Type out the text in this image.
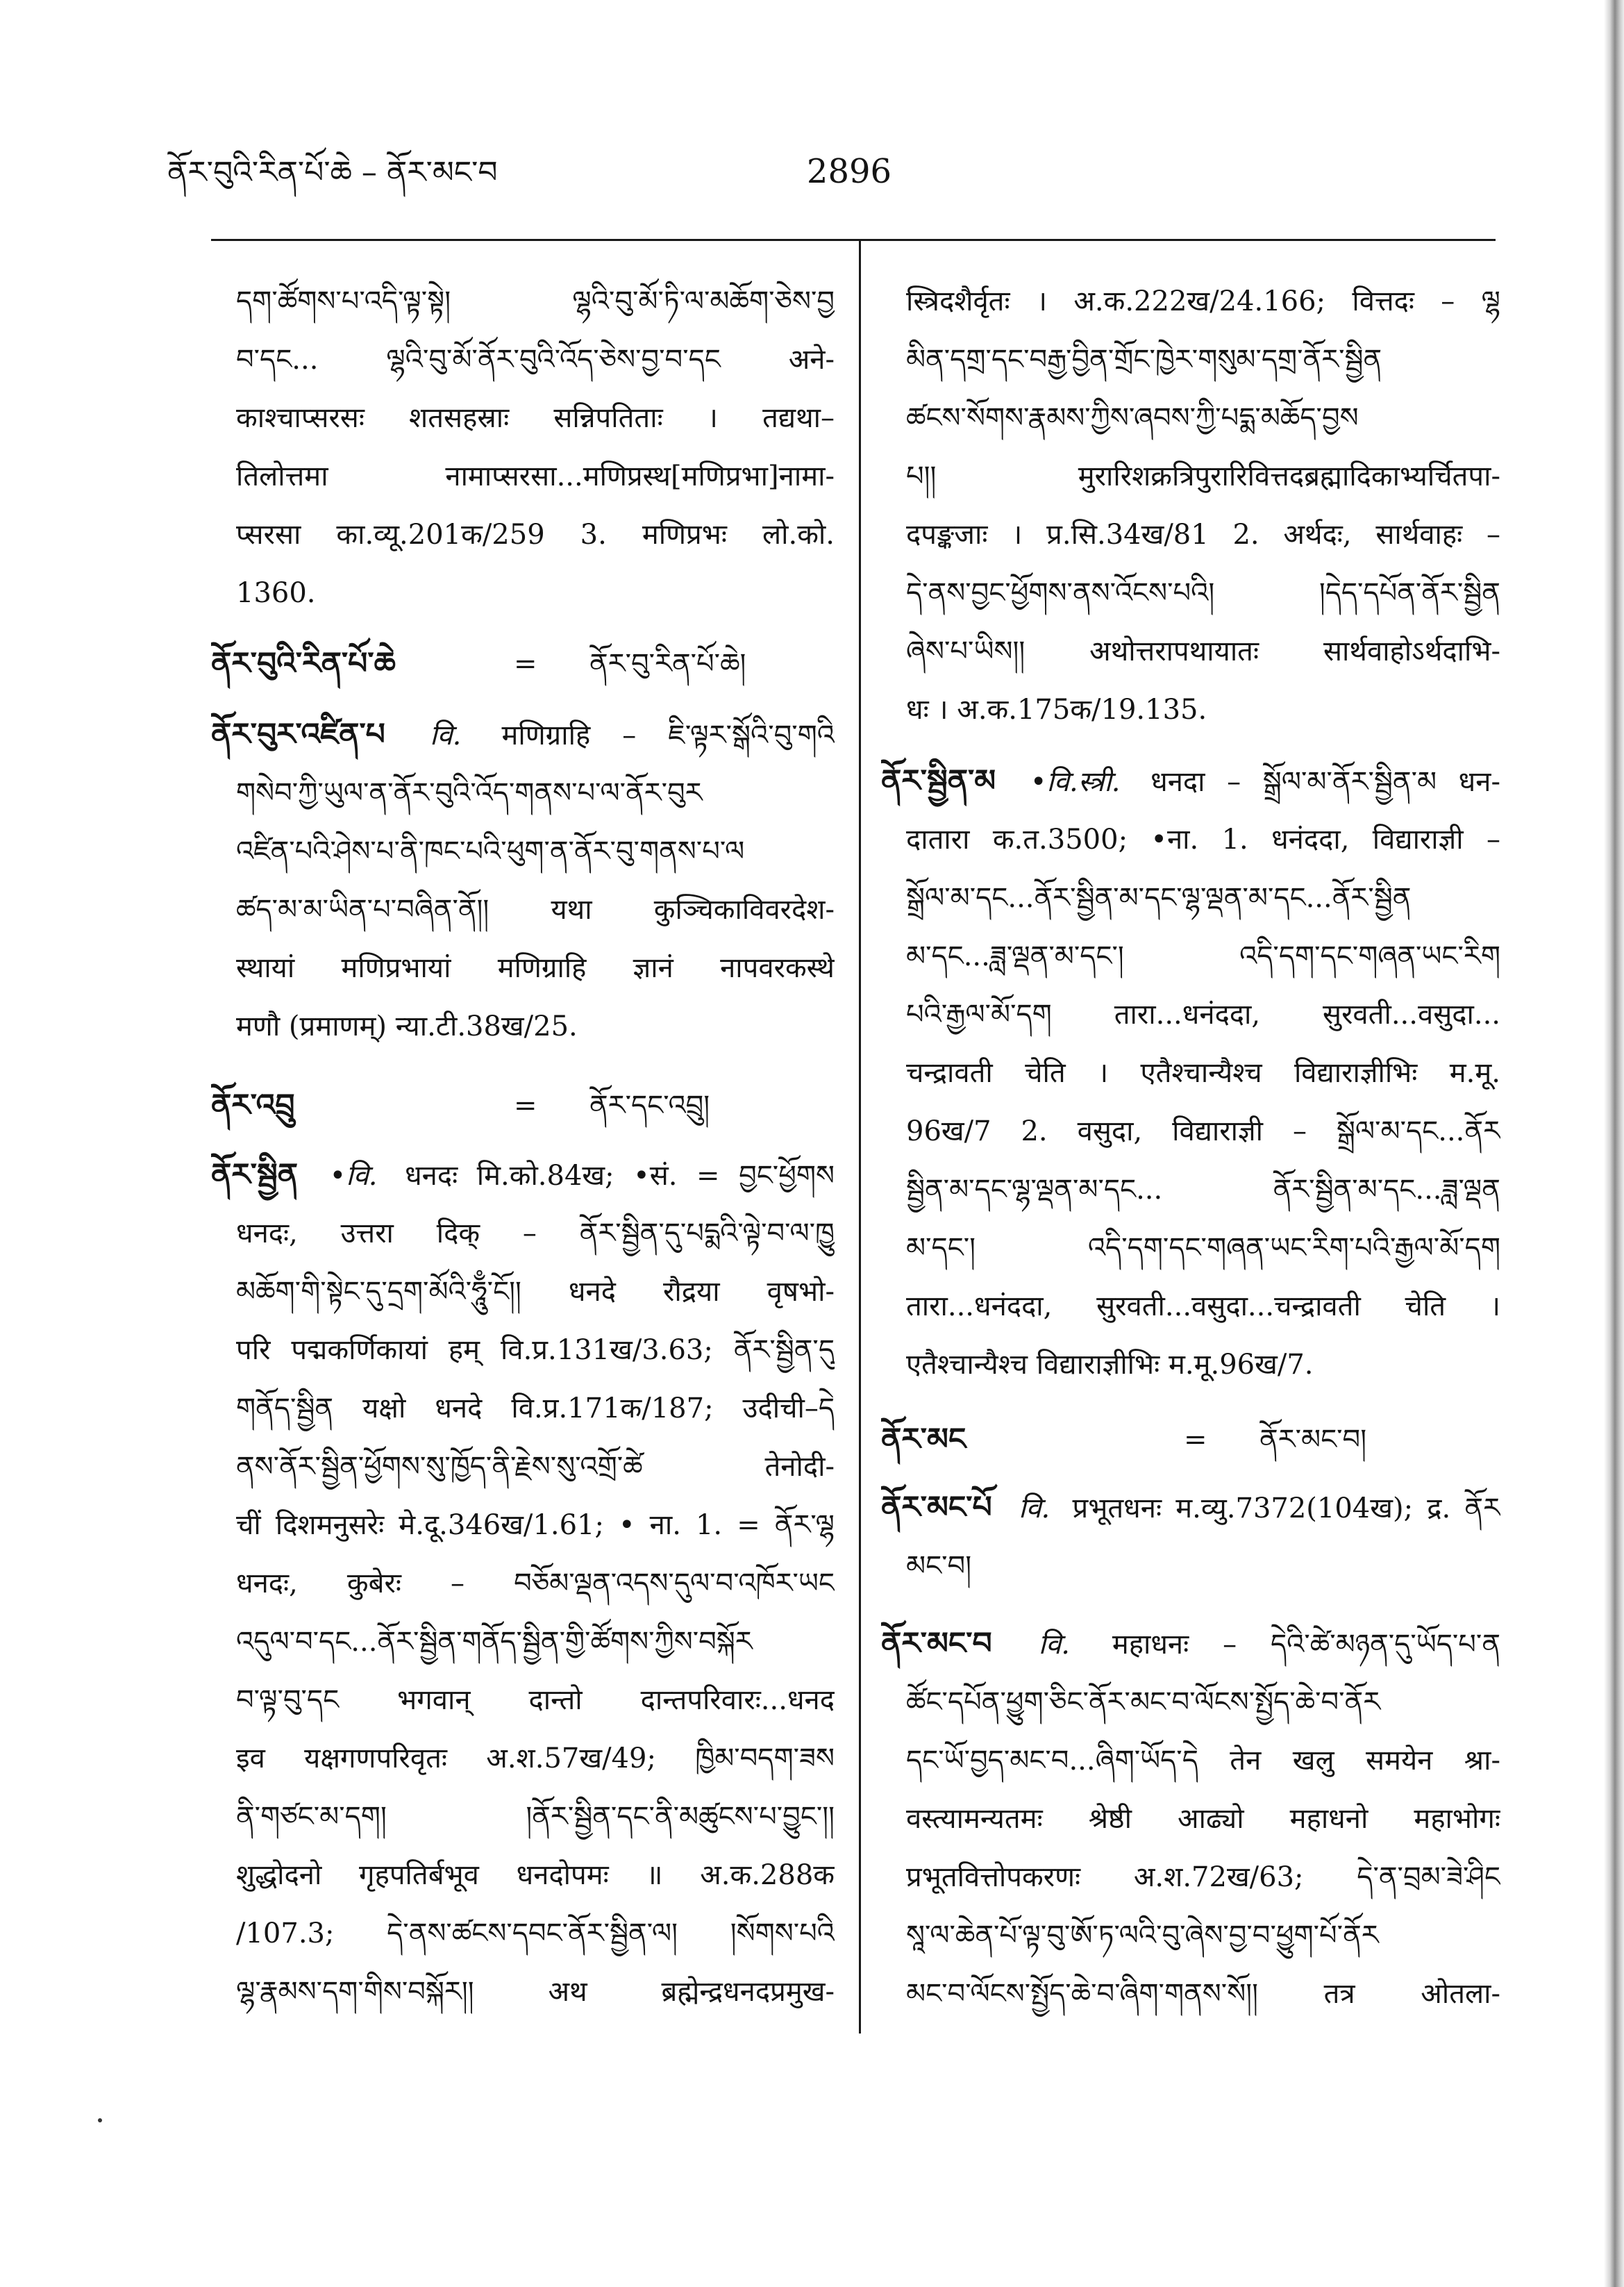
ནོར་བུའི་རིན་པོ་ཆེ – ནོར་མང་བ	2896
དག་ཚོགས་པ་འདི་ལྟ་སྟེ། ལྷའི་བུ་མོ་ཏི་ལ་མཆོག་ཅེས་བྱ
བ་དང... ལྷའི་བུ་མོ་ནོར་བུའི་འོད་ཅེས་བྱ་བ་དང अने-
काश्चाप्सरसः शतसहस्राः सन्निपतिताः । तद्यथा–
तिलोत्तमा नामाप्सरसा...मणिप्रस्थ[मणिप्रभा]नामा-
प्सरसा का.व्यू.201क/259 3. मणिप्रभः लो.को.
1360.
ནོར་བུའི་རིན་པོ་ཆེ	= ནོར་བུ་རིན་པོ་ཆེ།
ནོར་བུར་འཛིན་པ वि. मणिग्राहि – ཇི་ལྟར་སྒོའི་བུ་གའི
གསེབ་ཀྱི་ཡུལ་ན་ནོར་བུའི་འོད་གནས་པ་ལ་ནོར་བུར
འཛིན་པའི་ཤེས་པ་ནི་ཁང་པའི་ཕུག་ན་ནོར་བུ་གནས་པ་ལ
ཚད་མ་མ་ཡིན་པ་བཞིན་ནོ།། यथा कुञ्चिकाविवरदेश-
स्थायां मणिप्रभायां मणिग्राहि ज्ञानं नापवरकस्थे
मणौ (प्रमाणम्) न्या.टी.38ख/25.
ནོར་འབྲུ	= ནོར་དང་འབྲུ།
ནོར་སྦྱིན •वि. धनदः मि.को.84ख; •सं. = བྱང་ཕྱོགས
धनदः, उत्तरा दिक् – ནོར་སྦྱིན་དུ་པདྨའི་ལྟེ་བ་ལ་ཁྱུ
མཆོག་གི་སྟེང་དུ་དྲག་མོའི་ཧཱུྃ་ངོ།། धनदे रौद्रया वृषभो-
परि पद्मकर्णिकायां हम् वि.प्र.131ख/3.63; ནོར་སྦྱིན་དུ
གནོད་སྦྱིན यक्षो धनदे वि.प्र.171क/187; उदीची–དེ
ནས་ནོར་སྦྱིན་ཕྱོགས་སུ་ཁྱོད་ནི་རྗེས་སུ་འགྲོ་ཚེ तेनोदी-
चीं दिशमनुसरेः मे.दू.346ख/1.61; • ना. 1. = ནོར་ལྷ
धनदः, कुबेरः – བཅོམ་ལྡན་འདས་དུལ་བ་འཁོར་ཡང
འདུལ་བ་དང...ནོར་སྦྱིན་གནོད་སྦྱིན་གྱི་ཚོགས་ཀྱིས་བསྐོར
བ་ལྟ་བུ་དང भगवान् दान्तो दान्तपरिवारः...धनद
इव यक्षगणपरिवृतः अ.श.57ख/49; ཁྱིམ་བདག་ཟས
ནི་གཙང་མ་དག། །ནོར་སྦྱིན་དང་ནི་མཚུངས་པ་བྱུང་།།
शुद्धोदनो गृहपतिर्बभूव धनदोपमः ॥ अ.क.288क
/107.3; དེ་ནས་ཚངས་དབང་ནོར་སྦྱིན་ལ། །སོགས་པའི
ལྷ་རྣམས་དག་གིས་བསྐོར།། अथ ब्रह्मेन्द्रधनदप्रमुख-
स्त्रिदशैर्वृतः । अ.क.222ख/24.166; वित्तदः – ལྷ
མིན་དགྲ་དང་བརྒྱ་བྱིན་གྲོང་ཁྱེར་གསུམ་དགྲ་ནོར་སྦྱིན
ཚངས་སོགས་རྣམས་ཀྱིས་ཞབས་ཀྱི་པདྨ་མཆོད་བྱས
པ།། मुरारिशक्रत्रिपुरारिवित्तदब्रह्मादिकाभ्यर्चितपा-
दपङ्कजाः । प्र.सि.34ख/81 2. अर्थदः, सार्थवाहः –
དེ་ནས་བྱང་ཕྱོགས་ནས་འོངས་པའི། །དེད་དཔོན་ནོར་སྦྱིན
ཞེས་པ་ཡིས།། अथोत्तरापथायातः सार्थवाहोऽर्थदाभि-
धः । अ.क.175क/19.135.
ནོར་སྦྱིན་མ •वि.स्त्री. धनदा – སྒྲོལ་མ་ནོར་སྦྱིན་མ धन-
दातारा क.त.3500; •ना. 1. धनंददा, विद्याराज्ञी –
སྒྲོལ་མ་དང...ནོར་སྦྱིན་མ་དང་ལྷ་ལྡན་མ་དང...ནོར་སྦྱིན
མ་དང...ཟླ་ལྡན་མ་དང་། འདི་དག་དང་གཞན་ཡང་རིག
པའི་རྒྱལ་མོ་དག तारा...धनंददा, सुरवती...वसुदा...
चन्द्रावती चेति । एतैश्चान्यैश्च विद्याराज्ञीभिः म.मू.
96ख/7 2. वसुदा, विद्याराज्ञी – སྒྲོལ་མ་དང...ནོར
སྦྱིན་མ་དང་ལྷ་ལྡན་མ་དང... ནོར་སྦྱིན་མ་དང...ཟླ་ལྡན
མ་དང་། འདི་དག་དང་གཞན་ཡང་རིག་པའི་རྒྱལ་མོ་དག
तारा...धनंददा, सुरवती...वसुदा...चन्द्रावती चेति ।
एतैश्चान्यैश्च विद्याराज्ञीभिः म.मू.96ख/7.
ནོར་མང	= ནོར་མང་བ།
ནོར་མང་པོ वि. प्रभूतधनः म.व्यु.7372(104ख); द्र. ནོར
མང་བ།
ནོར་མང་བ वि. महाधनः – དེའི་ཚེ་མཉན་དུ་ཡོད་པ་ན
ཚོང་དཔོན་ཕྱུག་ཅིང་ནོར་མང་བ་ལོངས་སྤྱོད་ཆེ་བ་ནོར
དང་ཡོ་བྱད་མང་བ...ཞིག་ཡོད་དེ तेन खलु समयेन श्रा-
वस्त्यामन्यतमः श्रेष्ठी आढ्यो महाधनो महाभोगः
प्रभूतवित्तोपकरणः अ.श.72ख/63; དེ་ན་བྲམ་ཟེ་ཤིང
སཱ་ལ་ཆེན་པོ་ལྟ་བུ་ཨོ་ཏ་ལའི་བུ་ཞེས་བྱ་བ་ཕྱུག་པོ་ནོར
མང་བ་ལོངས་སྤྱོད་ཆེ་བ་ཞིག་གནས་སོ།། तत्र ओतला-
